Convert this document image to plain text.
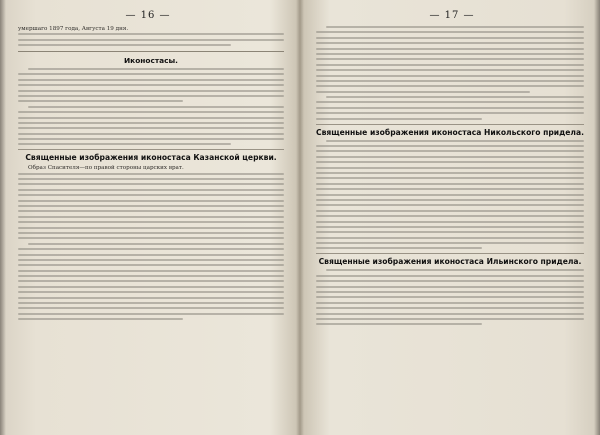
— 16 —
умершаго 1897 года, Августа 19 дня.
Иконостасы.
Священные изображения иконостаса Казанской церкви.
Образ Спасителя—по правой стороны царских врат.
— 17 —
Священные изображения иконостаса Никольского придела.
Священные изображения иконостаса Ильинского придела.
